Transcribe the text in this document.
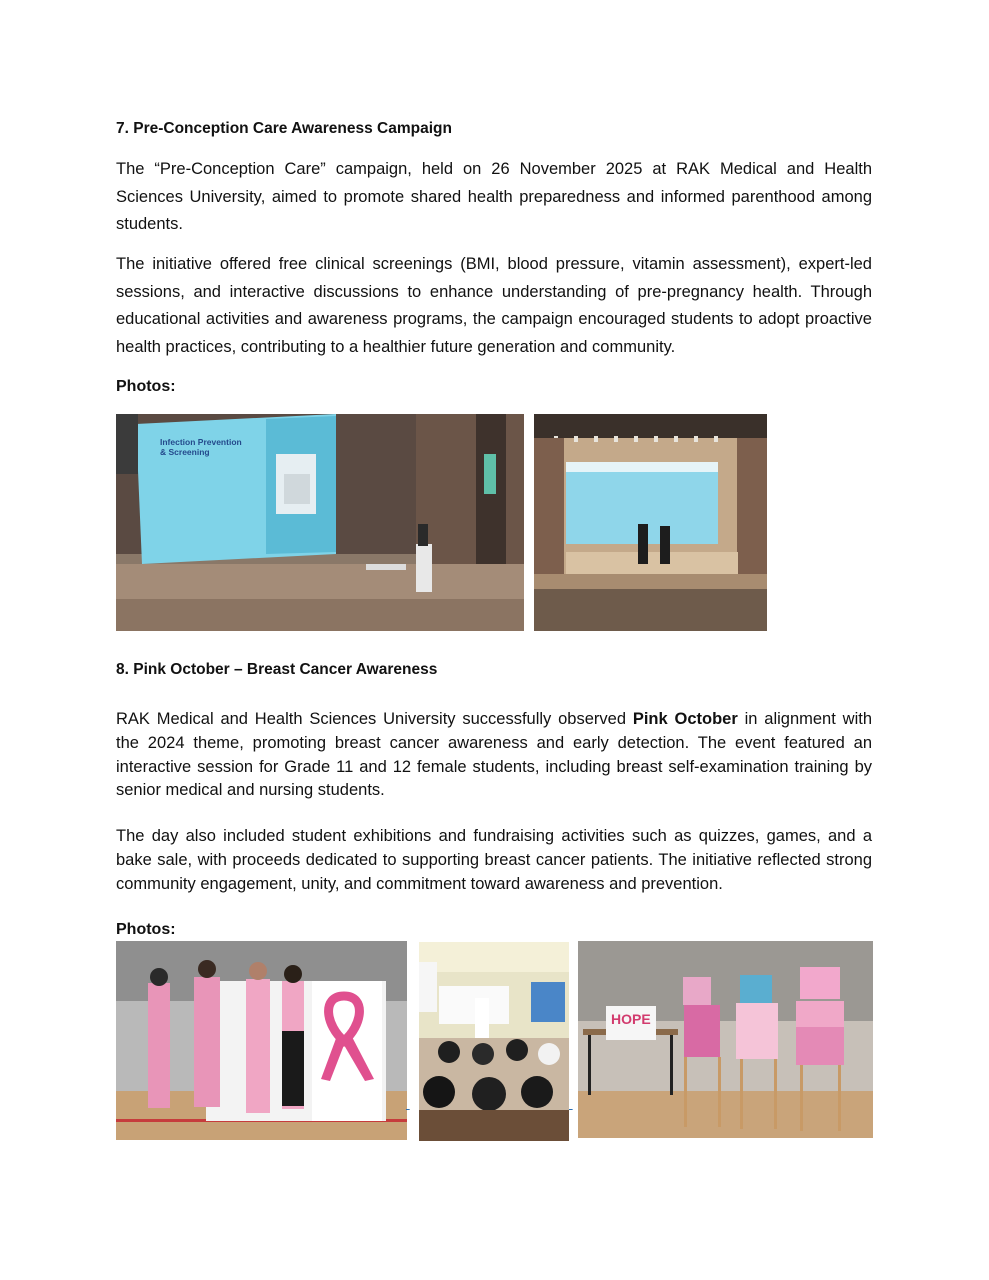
7. Pre-Conception Care Awareness Campaign

The “Pre-Conception Care” campaign, held on 26 November 2025 at RAK Medical and Health Sciences University, aimed to promote shared health preparedness and informed parenthood among students.

The initiative offered free clinical screenings (BMI, blood pressure, vitamin assessment), expert-led sessions, and interactive discussions to enhance understanding of pre-pregnancy health. Through educational activities and awareness programs, the campaign encouraged students to adopt proactive health practices, contributing to a healthier future generation and community.

Photos:

Infection Prevention & Screening
8. Pink October – Breast Cancer Awareness

RAK Medical and Health Sciences University successfully observed Pink October in alignment with the 2024 theme, promoting breast cancer awareness and early detection. The event featured an interactive session for Grade 11 and 12 female students, including breast self-examination training by senior medical and nursing students.

The day also included student exhibitions and fundraising activities such as quizzes, games, and a bake sale, with proceeds dedicated to supporting breast cancer patients. The initiative reflected strong community engagement, unity, and commitment toward awareness and prevention.

Photos:

HOPE
